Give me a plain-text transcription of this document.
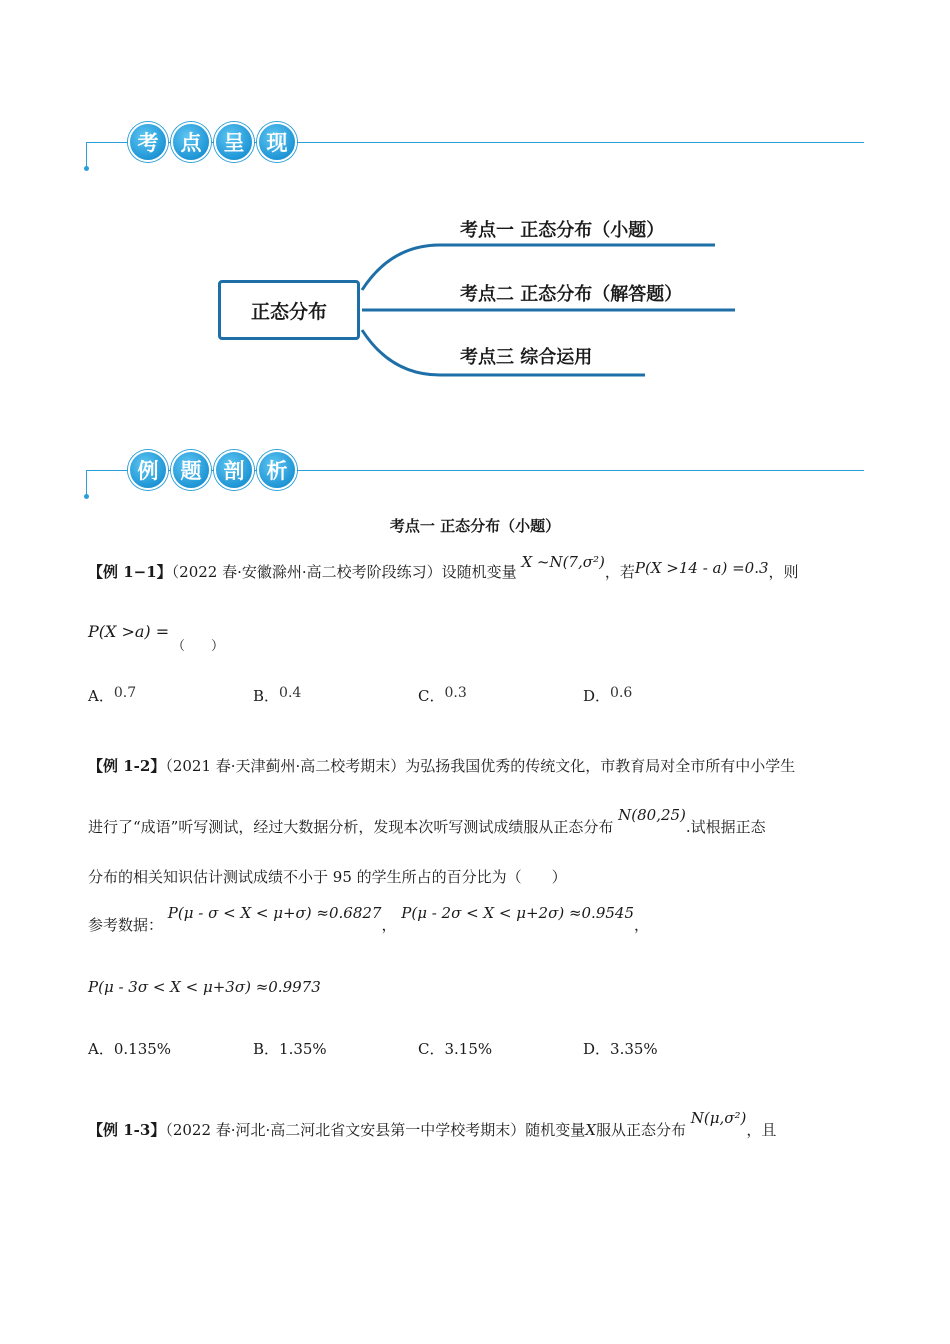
考	点	呈	现
正态分布
考点一 正态分布（小题）
考点二 正态分布（解答题）
考点三 综合运用
例	题	剖	析
考点一 正态分布（小题）
【例 1−1】（2022 春·安徽滁州·高二校考阶段练习）设随机变量 X ~N(7,σ²)，若P(X >14 - a) =0.3，则
P(X >a) =
（　　）
A．0.7	B．0.4	C．0.3	D．0.6
【例 1-2】（2021 春·天津蓟州·高二校考期末）为弘扬我国优秀的传统文化，市教育局对全市所有中小学生
进行了“成语”听写测试，经过大数据分析，发现本次听写测试成绩服从正态分布 N(80,25).试根据正态
分布的相关知识估计测试成绩不小于 95 的学生所占的百分比为（　　）
参考数据： P(μ - σ < X < μ+σ) ≈0.6827， P(μ - 2σ < X < μ+2σ) ≈0.9545，
P(μ - 3σ < X < μ+3σ) ≈0.9973
A．0.135%	B．1.35%	C．3.15%	D．3.35%
【例 1-3】（2022 春·河北·高二河北省文安县第一中学校考期末）随机变量X服从正态分布 N(μ,σ²)，且
